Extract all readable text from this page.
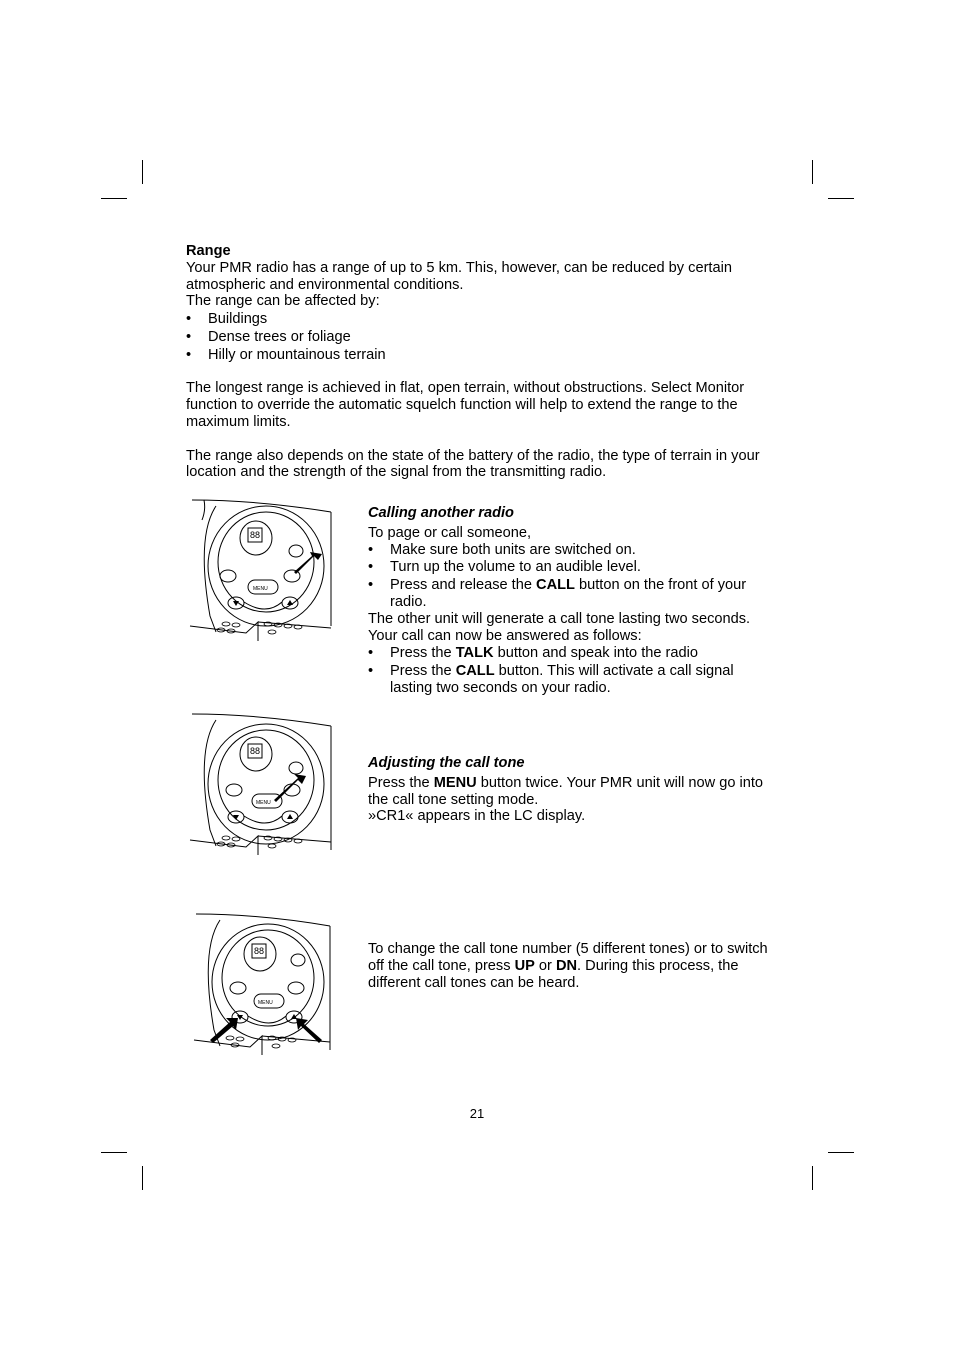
Range

Your PMR radio has a range of up to 5 km. This, however, can be reduced by certain

atmospheric and environmental conditions.

The range can be affected by:

• Buildings
• Dense trees or foliage
• Hilly or mountainous terrain

The longest range is achieved in flat, open terrain, without obstructions. Select Monitor

function to override the automatic squelch function will help to extend the range to the

maximum limits.

The range also depends on the state of the battery of the radio, the type of terrain in your

location and the strength of the signal from the transmitting radio.

Calling another radio

To page or call someone,

• Make sure both units are switched on.
• Turn up the volume to an audible level.
• Press and release the CALL button on the front of your
radio.

The other unit will generate a call tone lasting two seconds.

Your call can now be answered as follows:

• Press the TALK button and speak into the radio
• Press the CALL button. This will activate a call signal
lasting two seconds on your radio.

Adjusting the call tone

Press the MENU button twice. Your PMR unit will now go into

the call tone setting mode.

»CR1« appears in the LC display.

To change the call tone number (5 different tones) or to switch

off the call tone, press UP or DN. During this process, the

different call tones can be heard.

88
MENU
88
MENU
88
MENU
21
